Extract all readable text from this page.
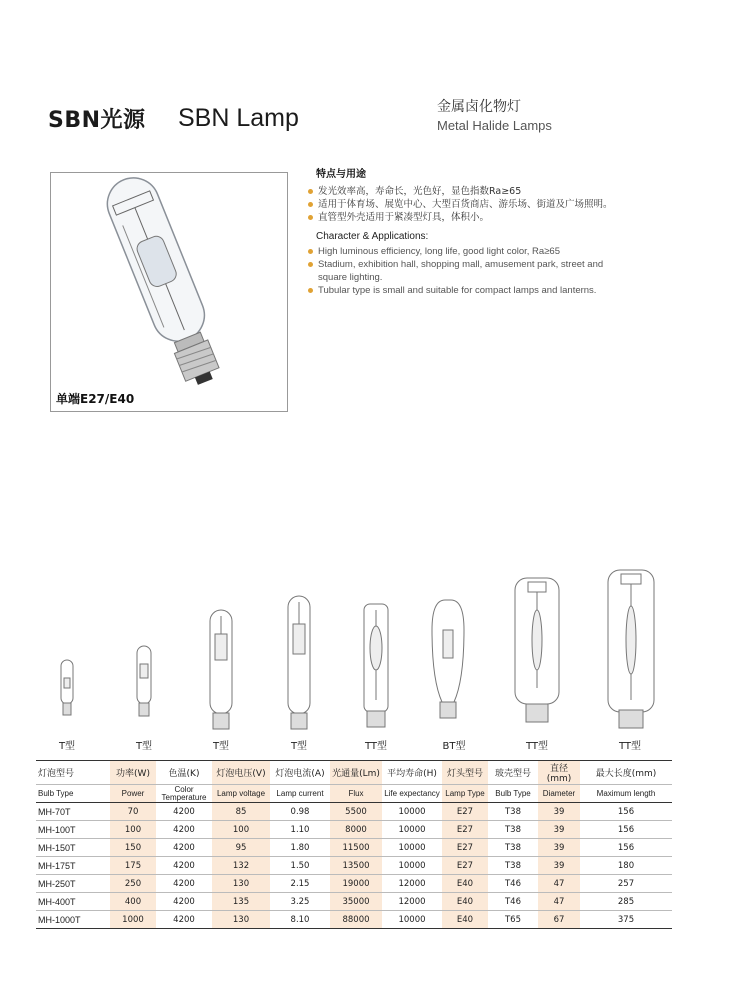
SBN光源 SBN Lamp	金属卤化物灯
Metal Halide Lamps
单端E27/E40
特点与用途
发光效率高，寿命长，光色好，显色指数Ra≥65
适用于体育场、展览中心、大型百货商店、游乐场、街道及广场照明。
直管型外壳适用于紧凑型灯具，体积小。
Character & Applications:
High luminous efficiency, long life, good light color, Ra≥65
Stadium, exhibition hall, shopping mall, amusement park, street and square lighting.
Tubular type is small and suitable for compact lamps and lanterns.
T型	T型	T型	T型	TT型	BT型	TT型	TT型
灯泡型号	功率(W)	色温(K)	灯泡电压(V)	灯泡电流(A)	光通量(Lm)	平均寿命(H)	灯头型号	玻壳型号	直径(mm)	最大长度(mm)
Bulb Type	Power	Color Temperature	Lamp voltage	Lamp current	Flux	Life expectancy	Lamp Type	Bulb Type	Diameter	Maximum length
MH-70T	70	4200	85	0.98	5500	10000	E27	T38	39	156
MH-100T	100	4200	100	1.10	8000	10000	E27	T38	39	156
MH-150T	150	4200	95	1.80	11500	10000	E27	T38	39	156
MH-175T	175	4200	132	1.50	13500	10000	E27	T38	39	180
MH-250T	250	4200	130	2.15	19000	12000	E40	T46	47	257
MH-400T	400	4200	135	3.25	35000	12000	E40	T46	47	285
MH-1000T	1000	4200	130	8.10	88000	10000	E40	T65	67	375
